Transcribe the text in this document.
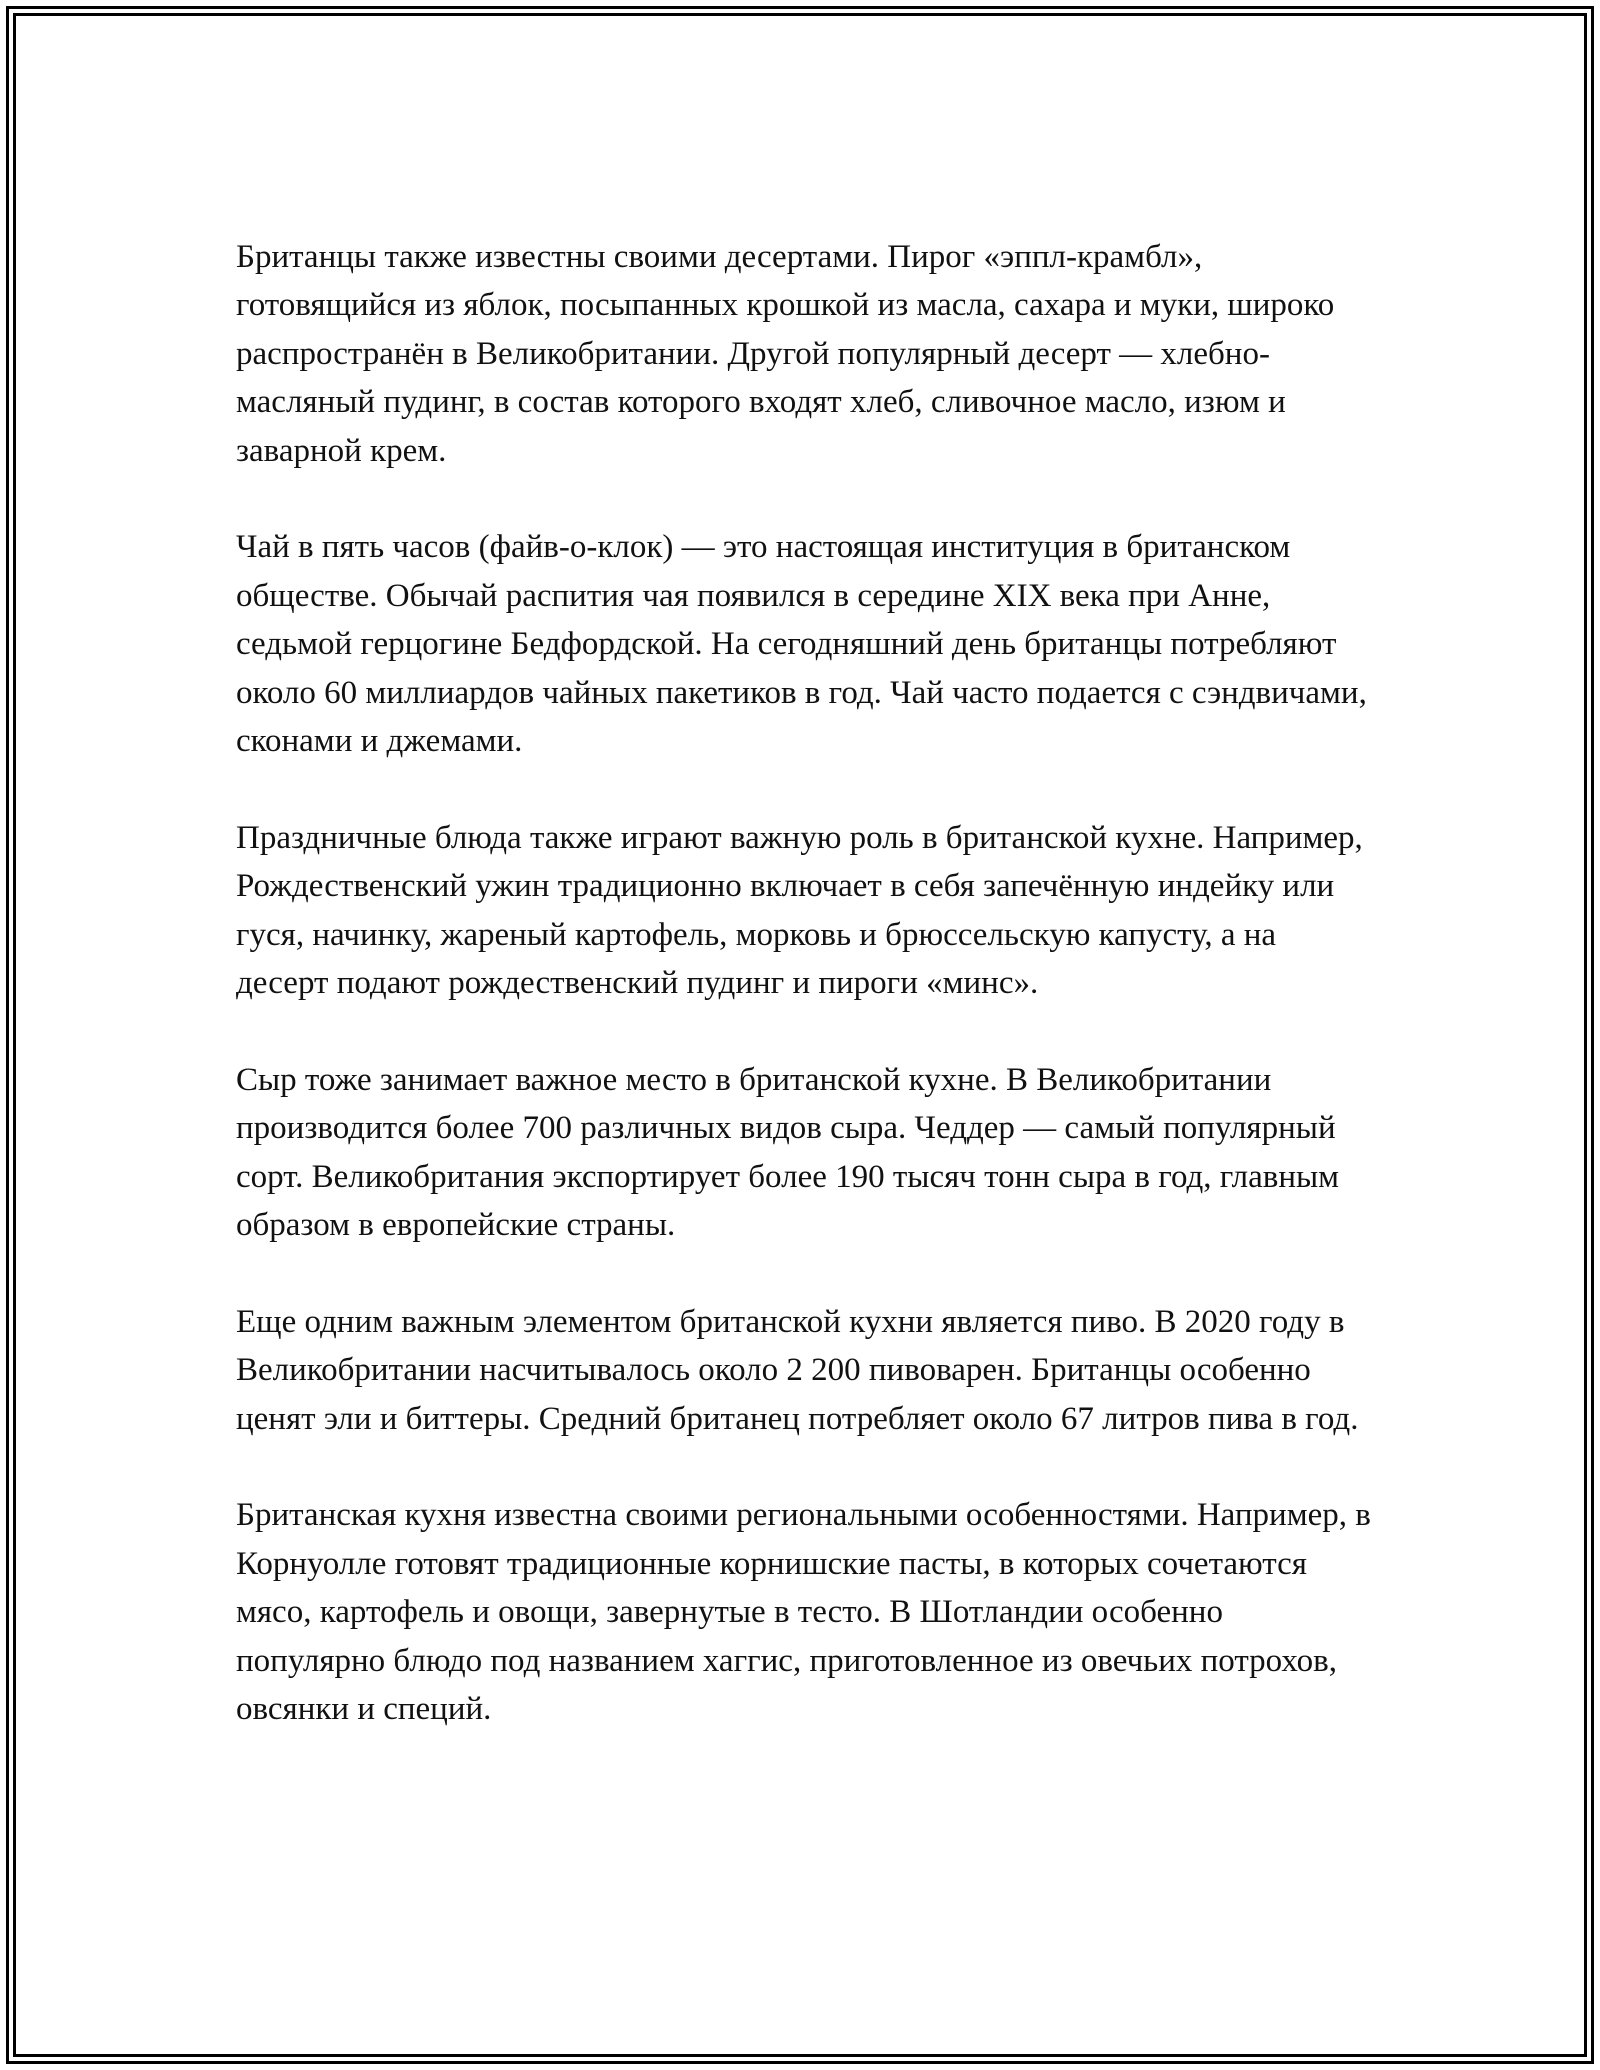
Британцы также известны своими десертами. Пирог «эппл-крамбл», готовящийся из яблок, посыпанных крошкой из масла, сахара и муки, широко распространён в Великобритании. Другой популярный десерт — хлебно-масляный пудинг, в состав которого входят хлеб, сливочное масло, изюм и заварной крем.

Чай в пять часов (файв-о-клок) — это настоящая институция в британском обществе. Обычай распития чая появился в середине XIX века при Анне, седьмой герцогине Бедфордской. На сегодняшний день британцы потребляют около 60 миллиардов чайных пакетиков в год. Чай часто подается с сэндвичами, сконами и джемами.

Праздничные блюда также играют важную роль в британской кухне. Например, Рождественский ужин традиционно включает в себя запечённую индейку или гуся, начинку, жареный картофель, морковь и брюссельскую капусту, а на десерт подают рождественский пудинг и пироги «минс».

Сыр тоже занимает важное место в британской кухне. В Великобритании производится более 700 различных видов сыра. Чеддер — самый популярный сорт. Великобритания экспортирует более 190 тысяч тонн сыра в год, главным образом в европейские страны.

Еще одним важным элементом британской кухни является пиво. В 2020 году в Великобритании насчитывалось около 2 200 пивоварен. Британцы особенно ценят эли и биттеры. Средний британец потребляет около 67 литров пива в год.

Британская кухня известна своими региональными особенностями. Например, в Корнуолле готовят традиционные корнишские пасты, в которых сочетаются мясо, картофель и овощи, завернутые в тесто. В Шотландии особенно популярно блюдо под названием хаггис, приготовленное из овечьих потрохов, овсянки и специй.
